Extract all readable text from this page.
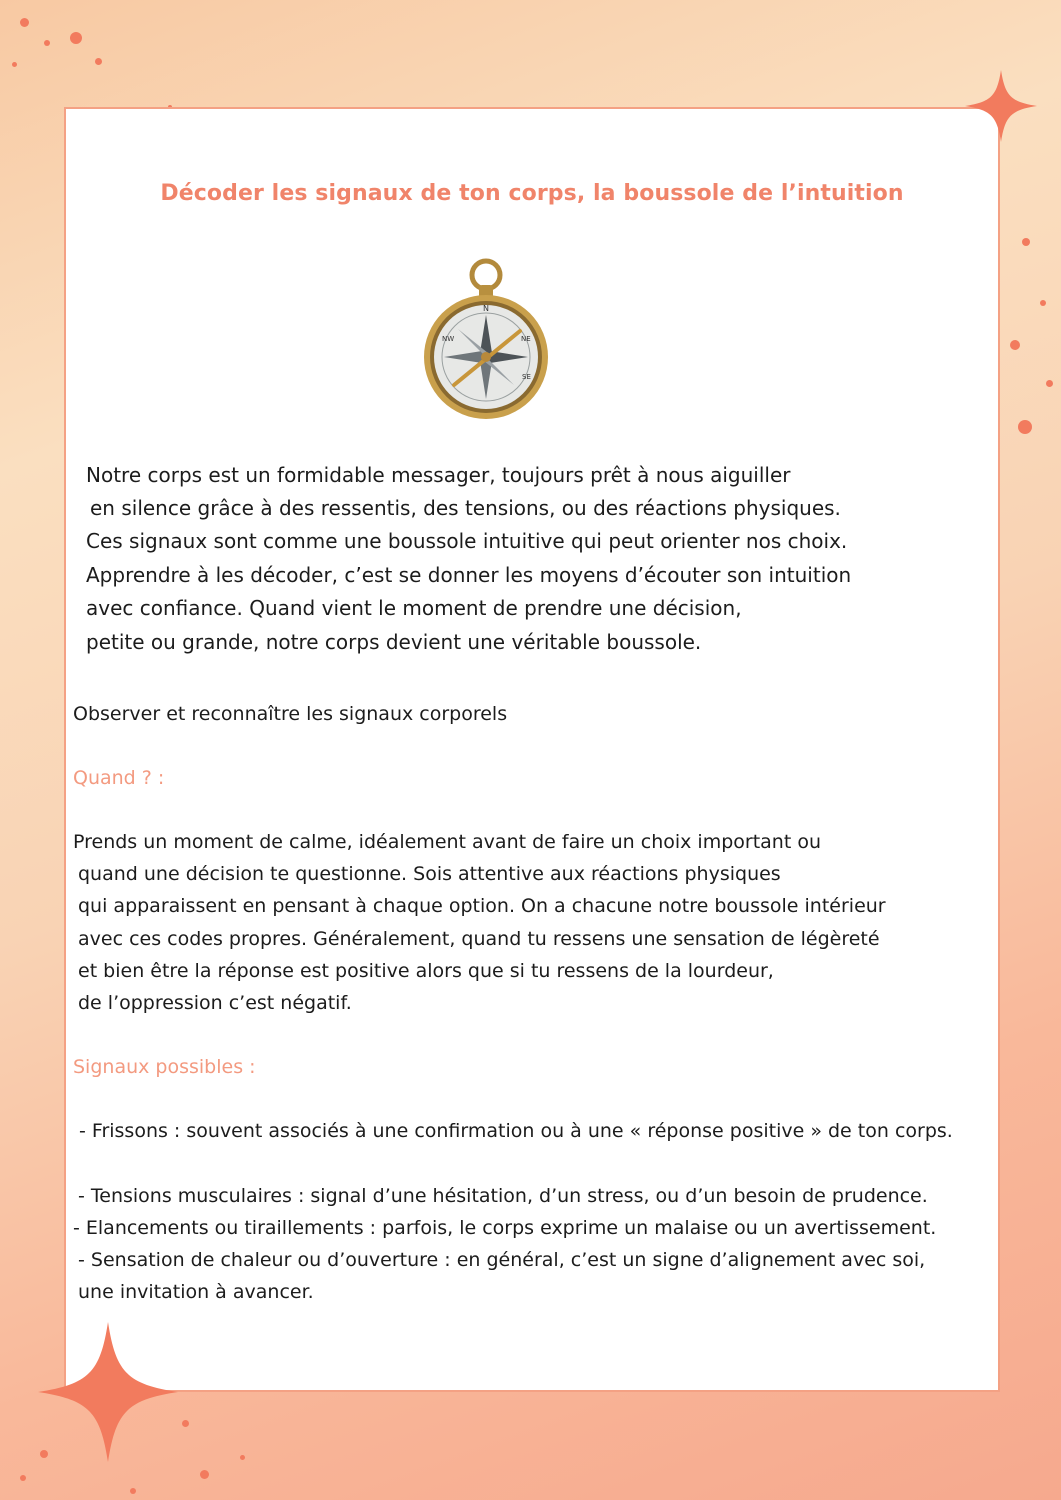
Décoder les signaux de ton corps, la boussole de l’intuition
N
NE
NW
SE

Notre corps est un formidable messager, toujours prêt à nous aiguiller

en silence grâce à des ressentis, des tensions, ou des réactions physiques.

Ces signaux sont comme une boussole intuitive qui peut orienter nos choix.

Apprendre à les décoder, c’est se donner les moyens d’écouter son intuition

avec confiance. Quand vient le moment de prendre une décision,

petite ou grande, notre corps devient une véritable boussole.

Observer et reconnaître les signaux corporels

Quand ? :

Prends un moment de calme, idéalement avant de faire un choix important ou

quand une décision te questionne. Sois attentive aux réactions physiques

qui apparaissent en pensant à chaque option. On a chacune notre boussole intérieur

avec ces codes propres. Généralement, quand tu ressens une sensation de légèreté

et bien être la réponse est positive alors que si tu ressens de la lourdeur,

de l’oppression c’est négatif.

Signaux possibles :

- Frissons : souvent associés à une confirmation ou à une « réponse positive » de ton corps.
- Tensions musculaires : signal d’une hésitation, d’un stress, ou d’un besoin de prudence.
- Elancements ou tiraillements : parfois, le corps exprime un malaise ou un avertissement.
- Sensation de chaleur ou d’ouverture : en général, c’est un signe d’alignement avec soi,
une invitation à avancer.
